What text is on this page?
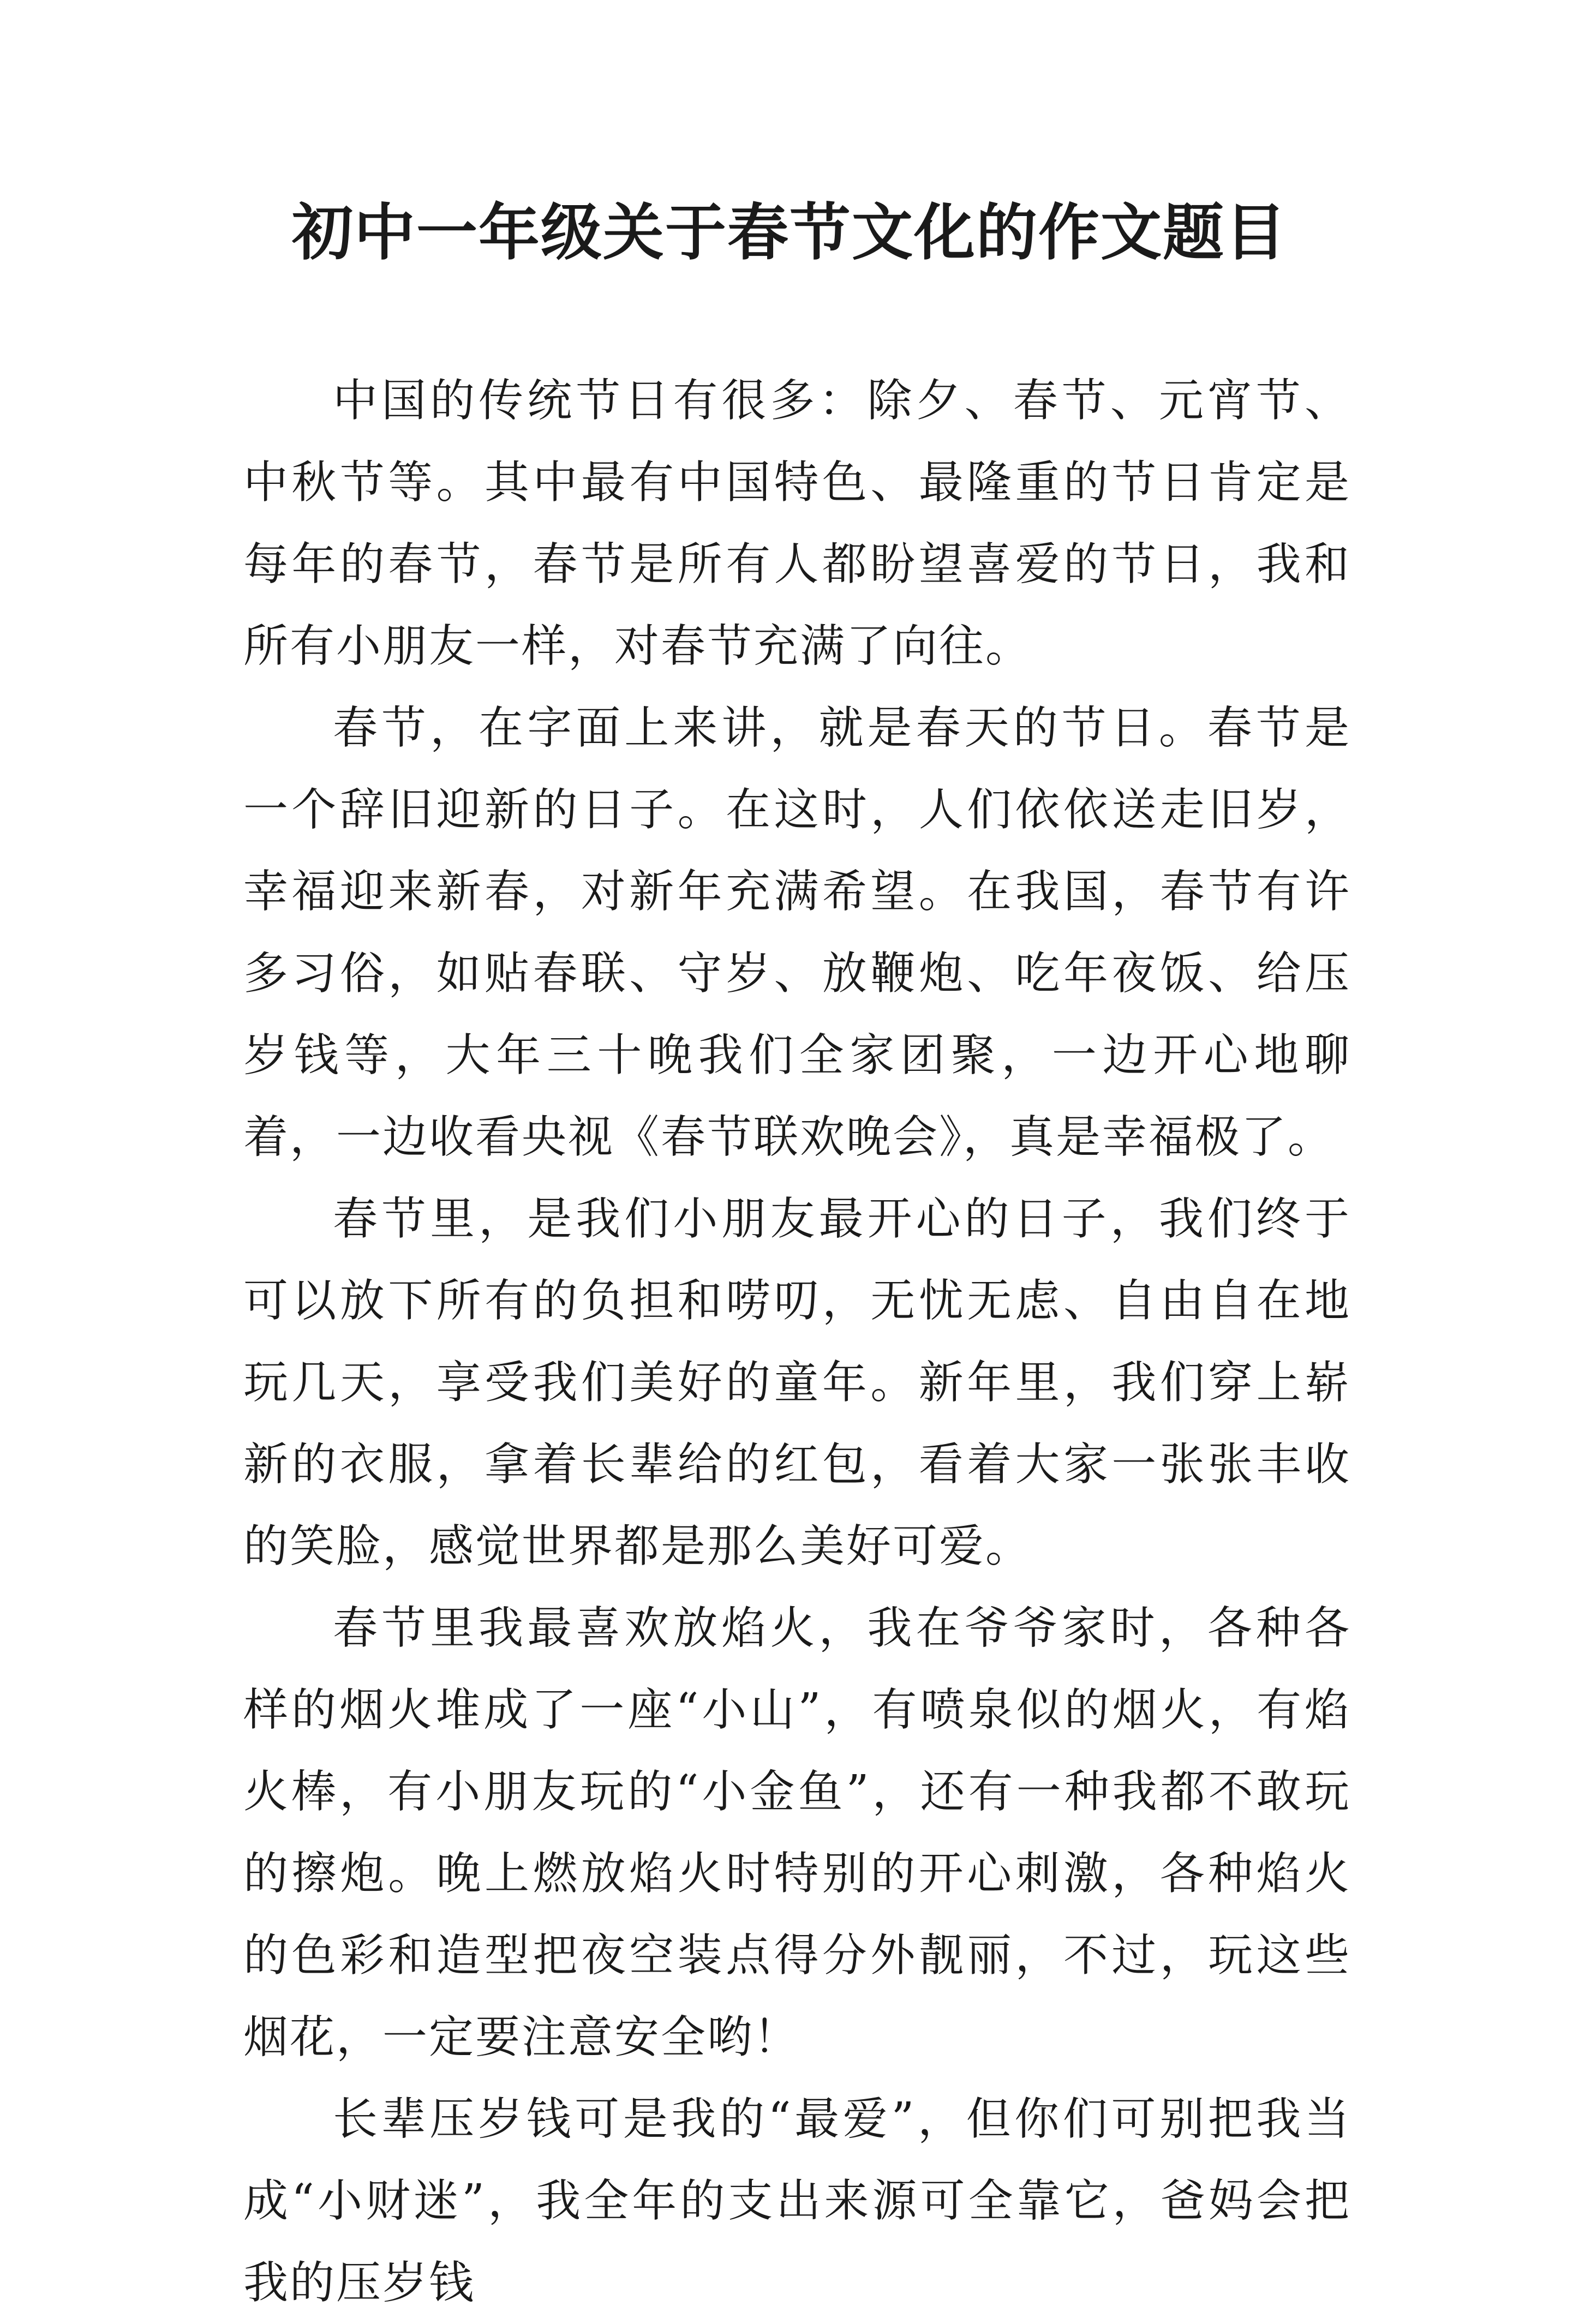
初中一年级关于春节文化的作文题目

中国的传统节日有很多：除夕、春节、元宵节、中秋节等。其中最有中国特色、最隆重的节日肯定是每年的春节，春节是所有人都盼望喜爱的节日，我和所有小朋友一样，对春节充满了向往。

春节，在字面上来讲，就是春天的节日。春节是一个辞旧迎新的日子。在这时，人们依依送走旧岁，幸福迎来新春，对新年充满希望。在我国，春节有许多习俗，如贴春联、守岁、放鞭炮、吃年夜饭、给压岁钱等，大年三十晚我们全家团聚，一边开心地聊着，一边收看央视《春节联欢晚会》，真是幸福极了。

春节里，是我们小朋友最开心的日子，我们终于可以放下所有的负担和唠叨，无忧无虑、自由自在地玩几天，享受我们美好的童年。新年里，我们穿上崭新的衣服，拿着长辈给的红包，看着大家一张张丰收的笑脸，感觉世界都是那么美好可爱。

春节里我最喜欢放焰火，我在爷爷家时，各种各样的烟火堆成了一座“小山”，有喷泉似的烟火，有焰火棒，有小朋友玩的“小金鱼”，还有一种我都不敢玩的擦炮。晚上燃放焰火时特别的开心刺激，各种焰火的色彩和造型把夜空装点得分外靓丽，不过，玩这些烟花，一定要注意安全哟！

长辈压岁钱可是我的“最爱”，但你们可别把我当成“小财迷”，我全年的支出来源可全靠它，爸妈会把我的压岁钱
